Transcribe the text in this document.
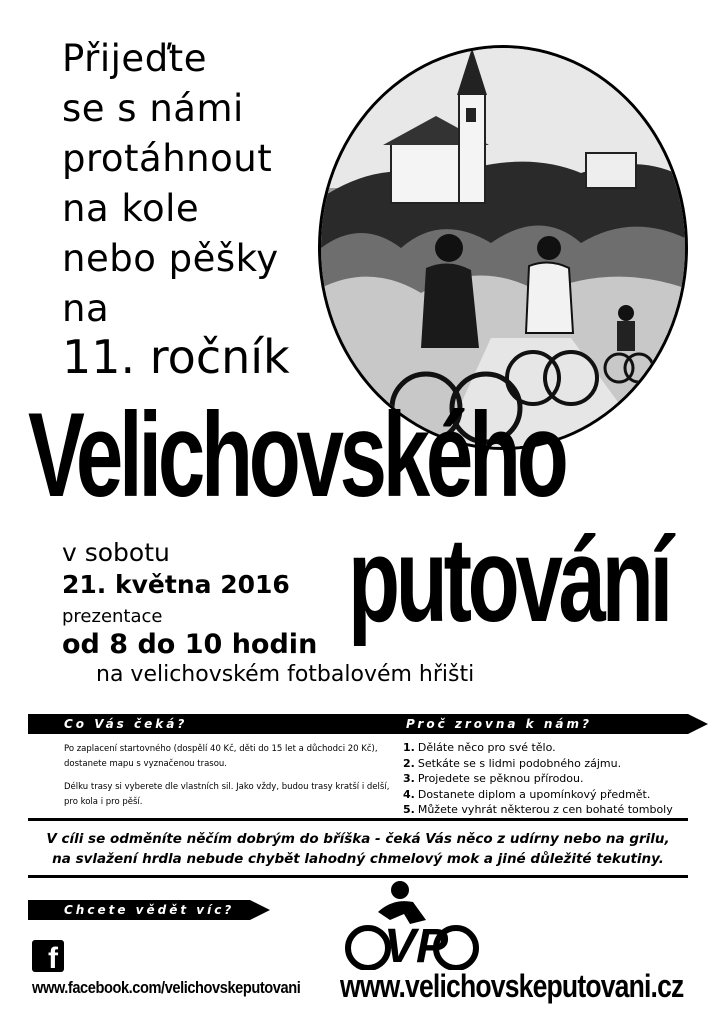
Přijeďte
se s námi
protáhnout
na kole
nebo pěšky
na
11. ročník
Velichovského
putování
v sobotu
21. května 2016
prezentace
od 8 do 10 hodin
na velichovském fotbalovém hřišti
Co Vás čeká?	Proč zrovna k nám?

Po zaplacení startovného (dospělí 40 Kč, děti do 15 let a důchodci 20 Kč), dostanete mapu s vyznačenou trasou.

Délku trasy si vyberete dle vlastních sil. Jako vždy, budou trasy kratší i delší, pro kola i pro pěší.

1. Děláte něco pro své tělo.
2. Setkáte se s lidmi podobného zájmu.
3. Projedete se pěknou přírodou.
4. Dostanete diplom a upomínkový předmět.
5. Můžete vyhrát některou z cen bohaté tomboly
V cíli se odměníte něčím dobrým do bříška - čeká Vás něco z udírny nebo na grilu,
na svlažení hrdla nebude chybět lahodný chmelový mok a jiné důležité tekutiny.
Chcete vědět víc?
f
www.facebook.com/velichovskeputovani
VP
www.velichovskeputovani.cz
